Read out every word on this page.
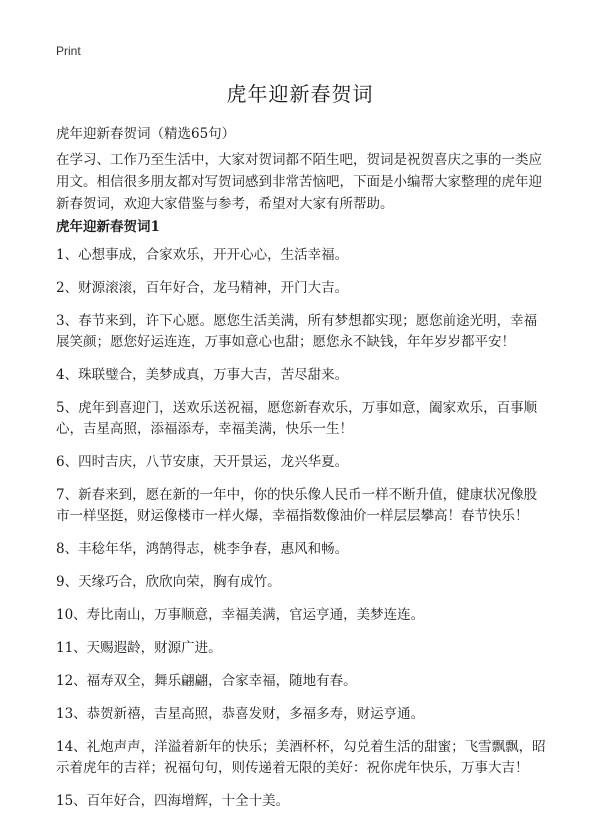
Print
虎年迎新春贺词

虎年迎新春贺词（精选65句）

在学习、工作乃至生活中，大家对贺词都不陌生吧，贺词是祝贺喜庆之事的一类应用文。相信很多朋友都对写贺词感到非常苦恼吧，下面是小编帮大家整理的虎年迎新春贺词，欢迎大家借鉴与参考，希望对大家有所帮助。

虎年迎新春贺词1
1、心想事成，合家欢乐，开开心心，生活幸福。
2、财源滚滚，百年好合，龙马精神，开门大吉。
3、春节来到，许下心愿。愿您生活美满，所有梦想都实现；愿您前途光明，幸福展笑颜；愿您好运连连，万事如意心也甜；愿您永不缺钱，年年岁岁都平安！
4、珠联璧合，美梦成真，万事大吉，苦尽甜来。
5、虎年到喜迎门，送欢乐送祝福，愿您新春欢乐，万事如意，阖家欢乐，百事顺心，吉星高照，添福添寿，幸福美满，快乐一生！
6、四时吉庆，八节安康，天开景运，龙兴华夏。
7、新春来到，愿在新的一年中，你的快乐像人民币一样不断升值，健康状况像股市一样坚挺，财运像楼市一样火爆，幸福指数像油价一样层层攀高！春节快乐！
8、丰稔年华，鸿鹄得志，桃李争春，惠风和畅。
9、天缘巧合，欣欣向荣，胸有成竹。
10、寿比南山，万事顺意，幸福美满，官运亨通，美梦连连。
11、天赐遐龄，财源广进。
12、福寿双全，舞乐翩翩，合家幸福，随地有春。
13、恭贺新禧，吉星高照，恭喜发财，多福多寿，财运亨通。
14、礼炮声声，洋溢着新年的快乐；美酒杯杯，勾兑着生活的甜蜜；飞雪飘飘，昭示着虎年的吉祥；祝福句句，则传递着无限的美好：祝你虎年快乐，万事大吉！
15、百年好合，四海增辉，十全十美。
